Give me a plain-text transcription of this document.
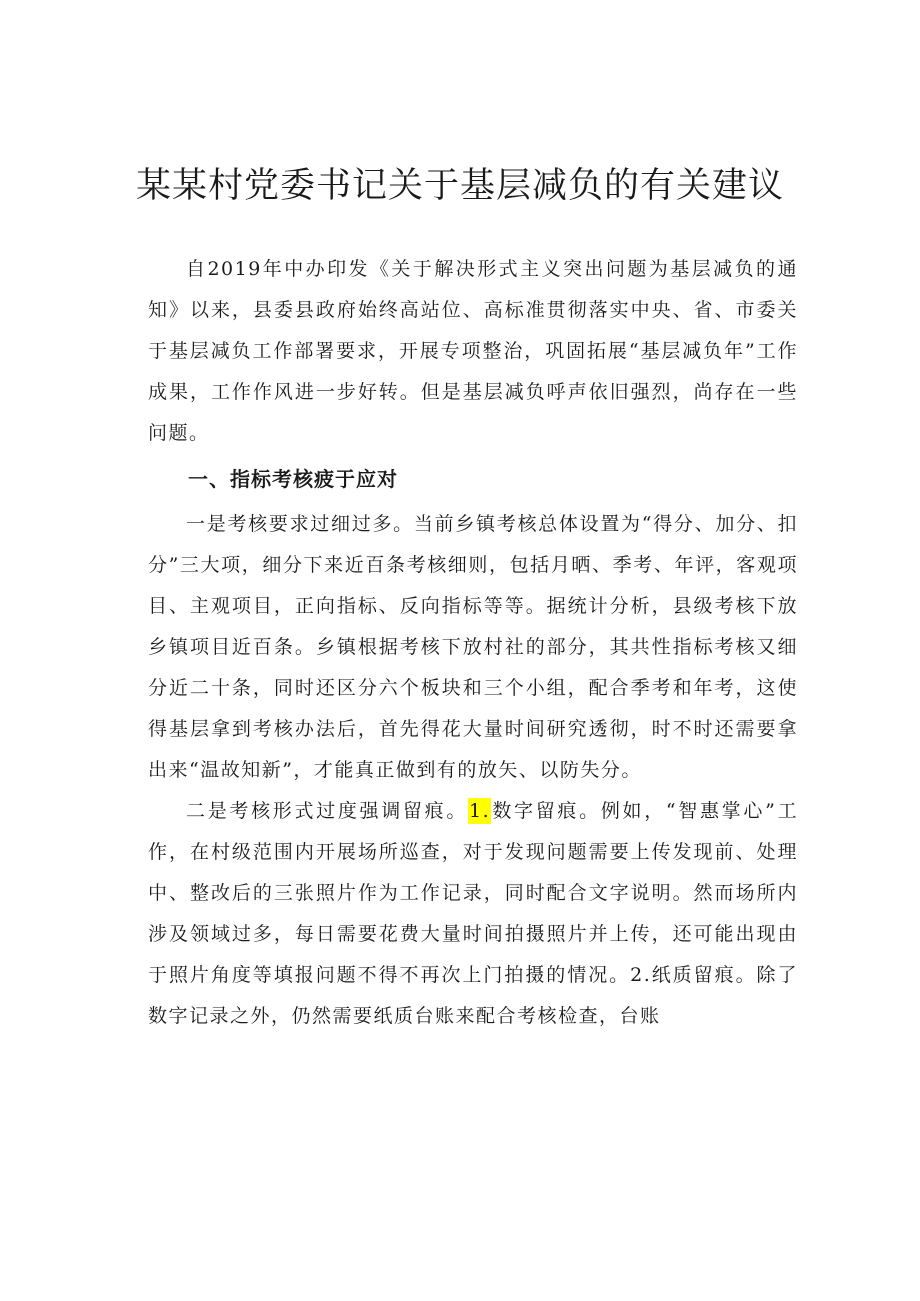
某某村党委书记关于基层减负的有关建议

自2019年中办印发《关于解决形式主义突出问题为基层减负的通知》以来，县委县政府始终高站位、高标准贯彻落实中央、省、市委关于基层减负工作部署要求，开展专项整治，巩固拓展“基层减负年”工作成果，工作作风进一步好转。但是基层减负呼声依旧强烈，尚存在一些问题。

一、指标考核疲于应对

一是考核要求过细过多。当前乡镇考核总体设置为“得分、加分、扣分”三大项，细分下来近百条考核细则，包括月晒、季考、年评，客观项目、主观项目，正向指标、反向指标等等。据统计分析，县级考核下放乡镇项目近百条。乡镇根据考核下放村社的部分，其共性指标考核又细分近二十条，同时还区分六个板块和三个小组，配合季考和年考，这使得基层拿到考核办法后，首先得花大量时间研究透彻，时不时还需要拿出来“温故知新”，才能真正做到有的放矢、以防失分。

二是考核形式过度强调留痕。1.数字留痕。例如，“智惠掌心”工作，在村级范围内开展场所巡查，对于发现问题需要上传发现前、处理中、整改后的三张照片作为工作记录，同时配合文字说明。然而场所内涉及领域过多，每日需要花费大量时间拍摄照片并上传，还可能出现由于照片角度等填报问题不得不再次上门拍摄的情况。2.纸质留痕。除了数字记录之外，仍然需要纸质台账来配合考核检查，台账
